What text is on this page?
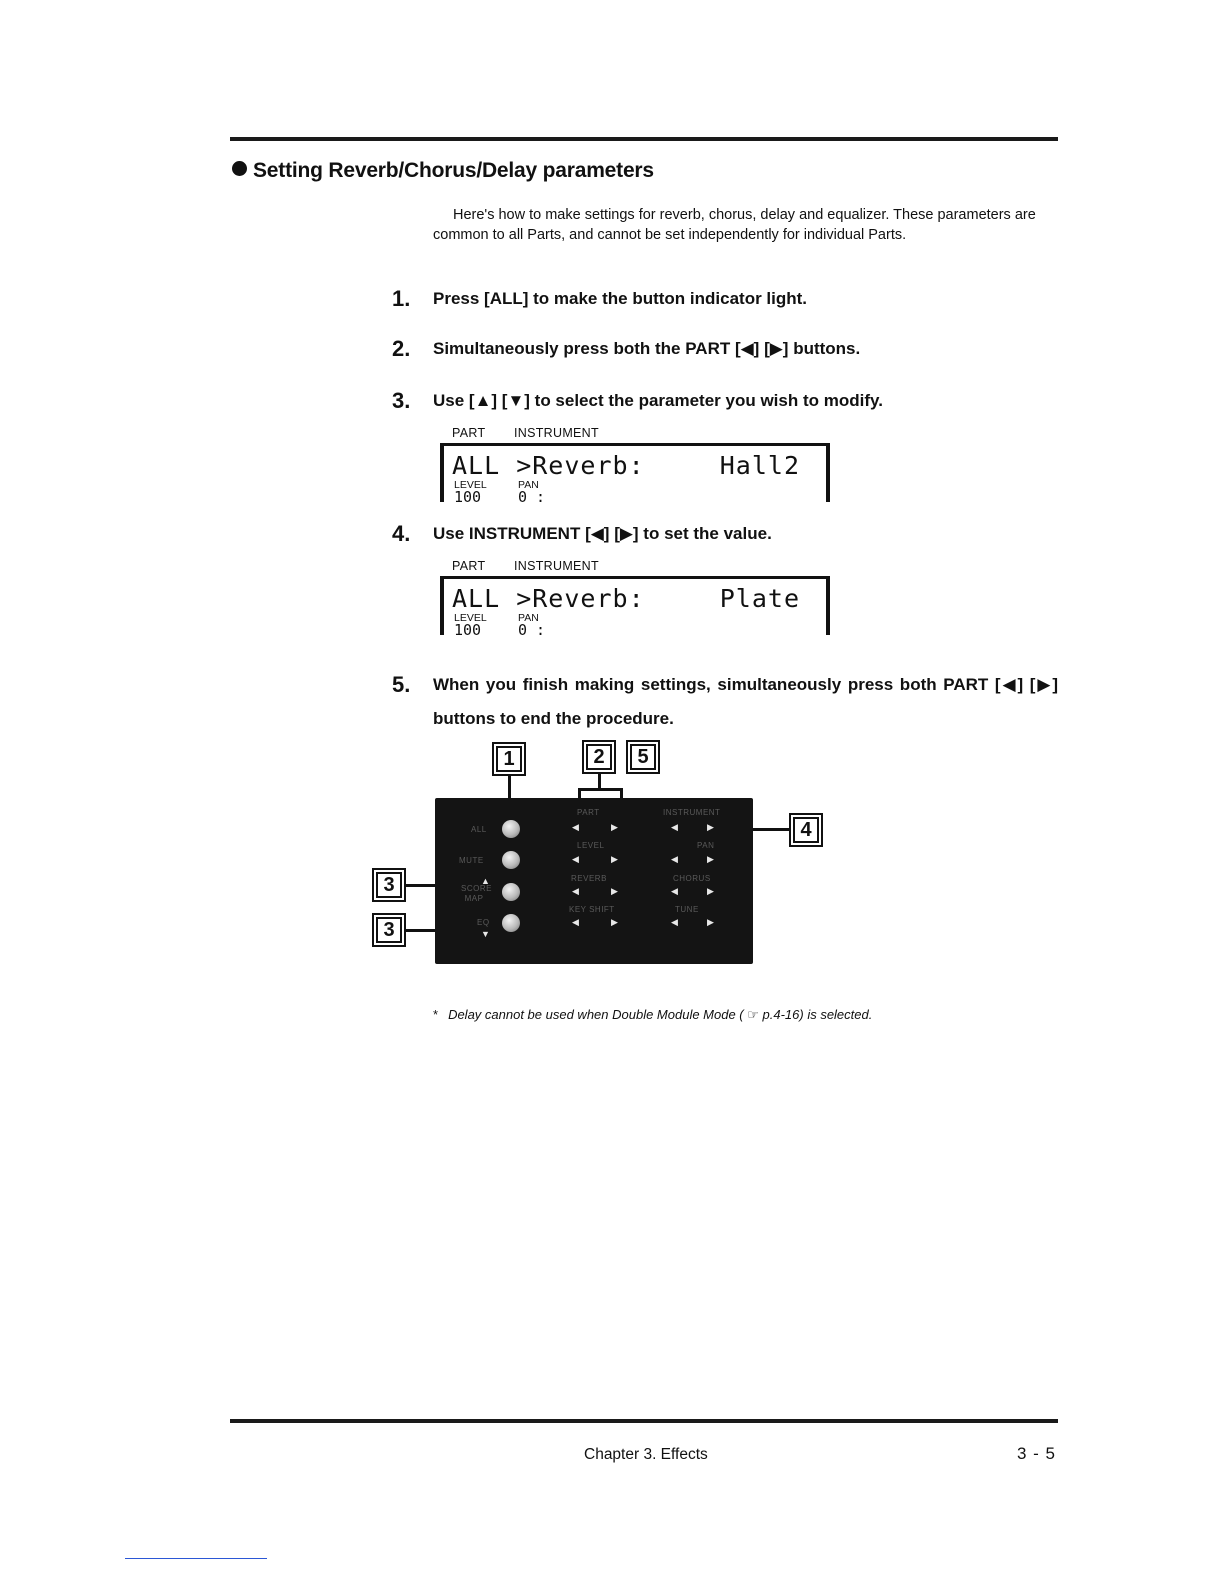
Setting Reverb/Chorus/Delay parameters

Here's how to make settings for reverb, chorus, delay and equalizer. These parameters are common to all Parts, and cannot be set independently for individual Parts.

1. Press [ALL] to make the button indicator light.
2. Simultaneously press both the PART [◀] [▶] buttons.
3. Use [▲] [▼] to select the parameter you wish to modify.
PART INSTRUMENT
ALL >Reverb:	Hall2
LEVEL	PAN
100 0 :
4. Use INSTRUMENT [◀] [▶] to set the value.
PART INSTRUMENT
ALL >Reverb:	Plate
LEVEL	PAN
100 0 :
5. When you finish making settings, simultaneously press both PART [◀] [▶] buttons to end the procedure.
1	2	5
4
3
3
PART	INSTRUMENT
LEVEL	PAN
REVERB	CHORUS
KEY SHIFT	TUNE
ALL
MUTE
SCORE MAP
EQ
▲
▼
◀	▶	◀	▶
◀	▶	◀	▶
◀	▶	◀	▶
◀	▶	◀	▶
* Delay cannot be used when Double Module Mode ( ☞ p.4-16) is selected.
Chapter 3. Effects	3 - 5
